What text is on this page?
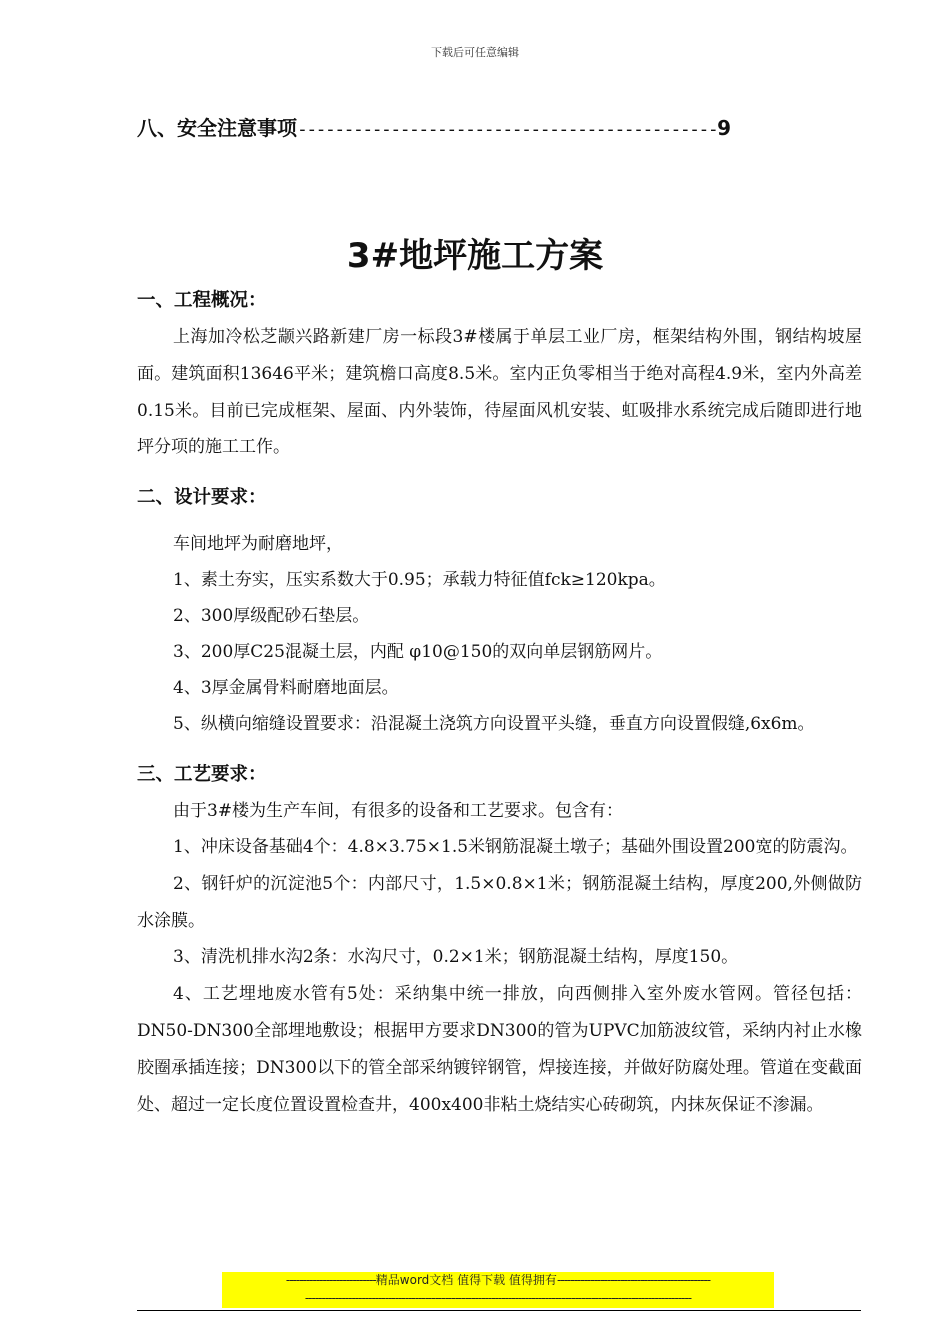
下载后可任意编辑
八、安全注意事项---------------------------------------------9
3#地坪施工方案
一、工程概况：
上海加冷松芝颛兴路新建厂房一标段3#楼属于单层工业厂房，框架结构外围，钢结构坡屋面。建筑面积13646平米；建筑檐口高度8.5米。室内正负零相当于绝对高程4.9米，室内外高差0.15米。目前已完成框架、屋面、内外装饰，待屋面风机安装、虹吸排水系统完成后随即进行地坪分项的施工工作。
二、设计要求：
车间地坪为耐磨地坪，
1、素土夯实，压实系数大于0.95；承载力特征值fck≥120kpa。
2、300厚级配砂石垫层。
3、200厚C25混凝土层，内配 φ10@150的双向单层钢筋网片。
4、3厚金属骨料耐磨地面层。
5、纵横向缩缝设置要求：沿混凝土浇筑方向设置平头缝，垂直方向设置假缝,6x6m。
三、工艺要求：
由于3#楼为生产车间，有很多的设备和工艺要求。包含有：
1、冲床设备基础4个：4.8×3.75×1.5米钢筋混凝土墩子；基础外围设置200宽的防震沟。
2、钢钎炉的沉淀池5个：内部尺寸，1.5×0.8×1米；钢筋混凝土结构，厚度200,外侧做防水涂膜。
3、清洗机排水沟2条：水沟尺寸，0.2×1米；钢筋混凝土结构，厚度150。
4、工艺埋地废水管有5处：采纳集中统一排放，向西侧排入室外废水管网。管径包括：DN50-DN300全部埋地敷设；根据甲方要求DN300的管为UPVC加筋波纹管，采纳内衬止水橡胶圈承插连接；DN300以下的管全部采纳镀锌钢管，焊接连接，并做好防腐处理。管道在变截面处、超过一定长度位置设置检查井，400x400非粘土烧结实心砖砌筑，内抹灰保证不渗漏。
---------------------------精品word文档 值得下载 值得拥有----------------------------------------------
--------------------------------------------------------------------------------------------------------------------
